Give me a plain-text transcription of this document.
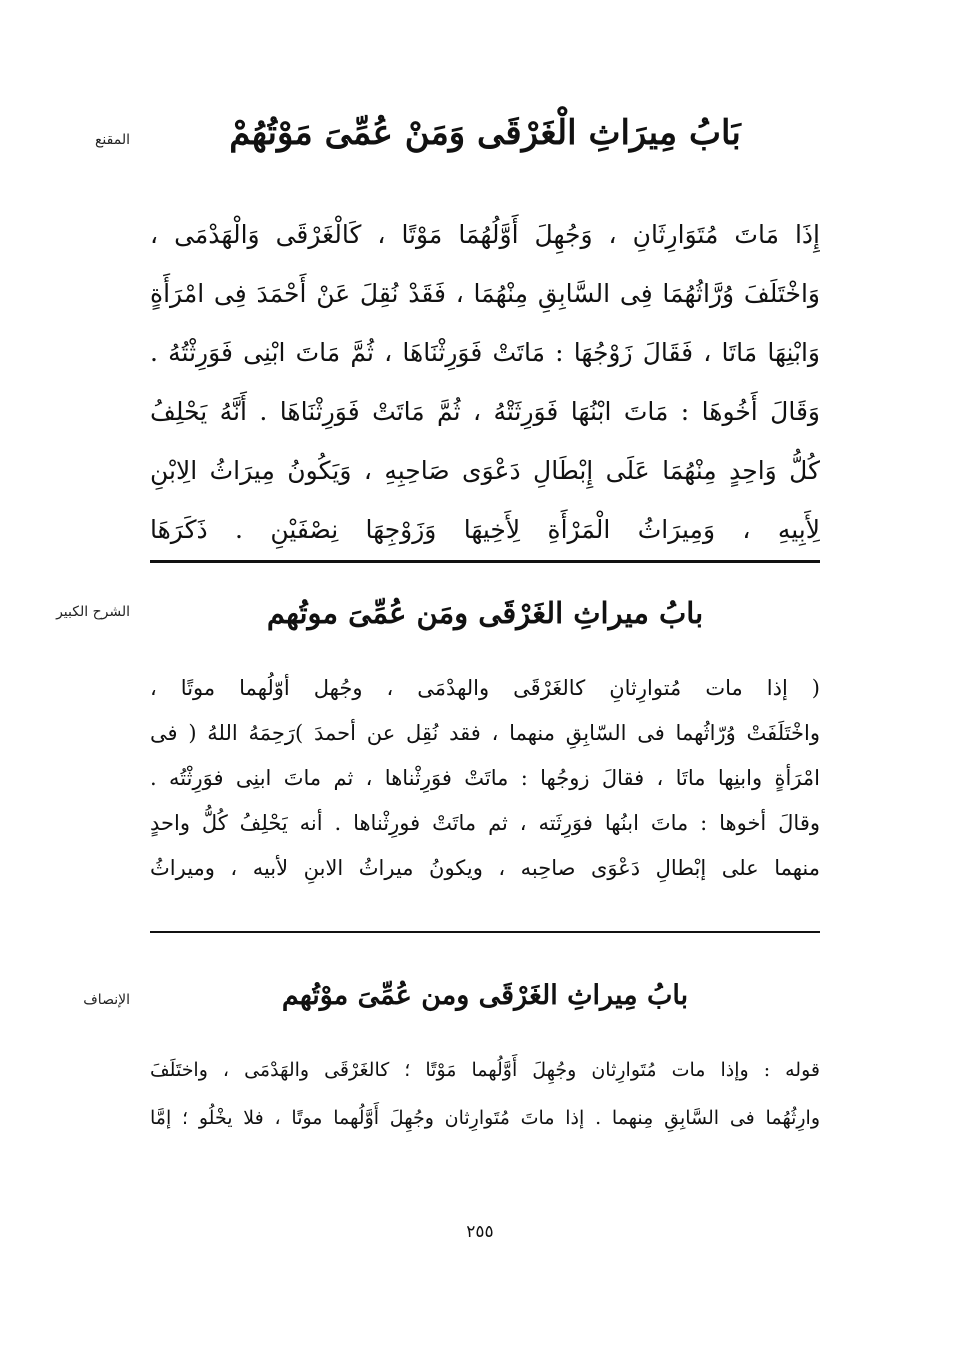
المقنع	بَابُ مِيرَاثِ الْغَرْقَى وَمَنْ عُمِّىَ مَوْتُهُمْ
إِذَا مَاتَ مُتَوَارِثَانِ ، وَجُهِلَ أَوَّلُهُمَا مَوْتًا ، كَالْغَرْقَى وَالْهَدْمَى ،
وَاخْتَلَفَ وُرَّاثُهُمَا فِى السَّابِقِ مِنْهُمَا ، فَقَدْ نُقِلَ عَنْ أَحْمَدَ فِى امْرَأَةٍ
وَابْنِهَا مَاتَا ، فَقَالَ زَوْجُهَا : مَاتَتْ فَوَرِثْنَاهَا ، ثُمَّ مَاتَ ابْنِى فَوَرِثْتُهُ .
وَقَالَ أَخُوهَا : مَاتَ ابْنُهَا فَوَرِثَتْهُ ، ثُمَّ مَاتَتْ فَوَرِثْنَاهَا . أَنَّهُ يَحْلِفُ
كُلُّ وَاحِدٍ مِنْهُمَا عَلَى إِبْطَالِ دَعْوَى صَاحِبِهِ ، وَيَكُونُ مِيرَاثُ الِابْنِ
لِأَبِيهِ ، وَمِيرَاثُ الْمَرْأَةِ لِأَخِيهَا وَزَوْجِهَا نِصْفَيْنِ . ذَكَرَهَا
الشرح الكبير	بابُ ميراثِ الغَرْقَى ومَن عُمِّىَ موتُهم
( إذا مات مُتوارِثانِ كالغَرْقَى والهدْمَى ، وجُهل أوّلُهما موتًا ،
واخْتَلَفَتْ وُرّاثُهما فى السّابِقِ منهما ، فقد نُقِل عن أحمدَ )رَحِمَهُ اللهُ ( فى
امْرَأةٍ وابنِها ماتَا ، فقالَ زوجُها : ماتَتْ فوَرِثْناها ، ثم ماتَ ابنِى فوَرِثْتُه .
وقالَ أخوها : ماتَ ابنُها فوَرِثَته ، ثم ماتَتْ فورِثْناها . أنه يَحْلِفُ كُلُّ واحدٍ
منهما على إبْطالِ دَعْوَى صاحِبه ، ويكونُ ميراثُ الابنِ لأبيه ، وميراثُ
الإنصاف	بابُ مِيراثِ الغَرْقَى ومن عُمِّىَ موْتُهم
قوله : وإذا مات مُتَوارِثان وجُهِلَ أَوَّلُهما مَوْتًا ؛ كالغَرْقَى والهَدْمَى ، واختَلَفَ
وارِثُهُما فى السَّابِقِ مِنهما . إذا ماتَ مُتَوارِثان وجُهِلَ أَوَّلُهما موتًا ، فلا يخْلُو ؛ إمَّا
٢٥٥
